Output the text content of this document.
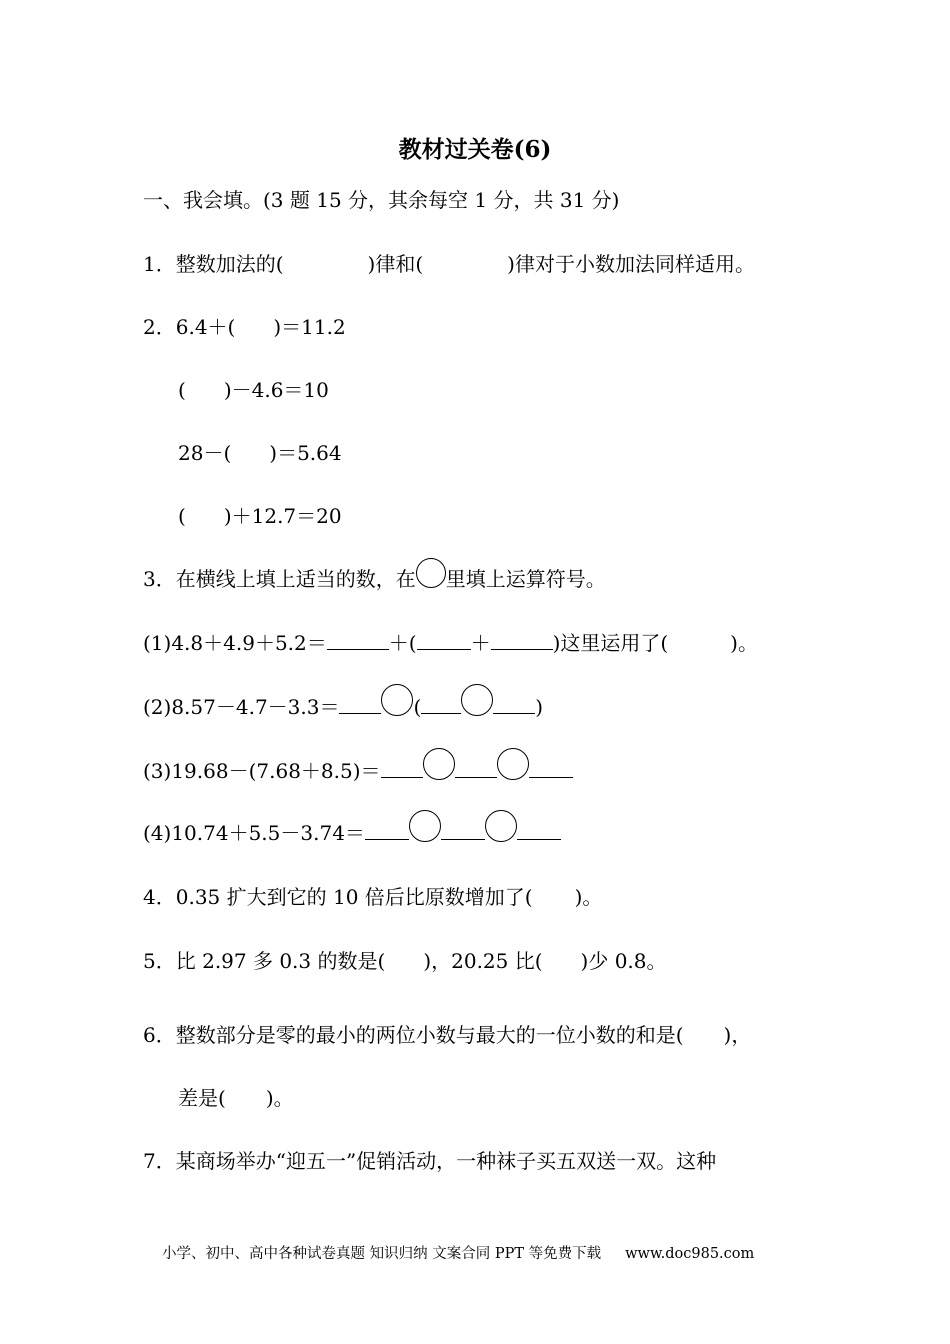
教材过关卷(6)
一、我会填。(3 题 15 分，其余每空 1 分，共 31 分)
1．整数加法的(	)律和(	)律对于小数加法同样适用。
2．6.4＋( )＝11.2
( )－4.6＝10
28－( )＝5.64
( )＋12.7＝20
3．在横线上填上适当的数，在 里填上运算符号。
(1)4.8＋4.9＋5.2＝	＋(	＋	)这里运用了(	)。
(2)8.57－4.7－3.3＝	(	)
(3)19.68－(7.68＋8.5)＝
(4)10.74＋5.5－3.74＝
4．0.35 扩大到它的 10 倍后比原数增加了( )。
5．比 2.97 多 0.3 的数是( )，20.25 比( )少 0.8。
6．整数部分是零的最小的两位小数与最大的一位小数的和是( )，
差是( )。
7．某商场举办“迎五一”促销活动，一种袜子买五双送一双。这种
小学、初中、高中各种试卷真题 知识归纳 文案合同 PPT 等免费下载 www.doc985.com
